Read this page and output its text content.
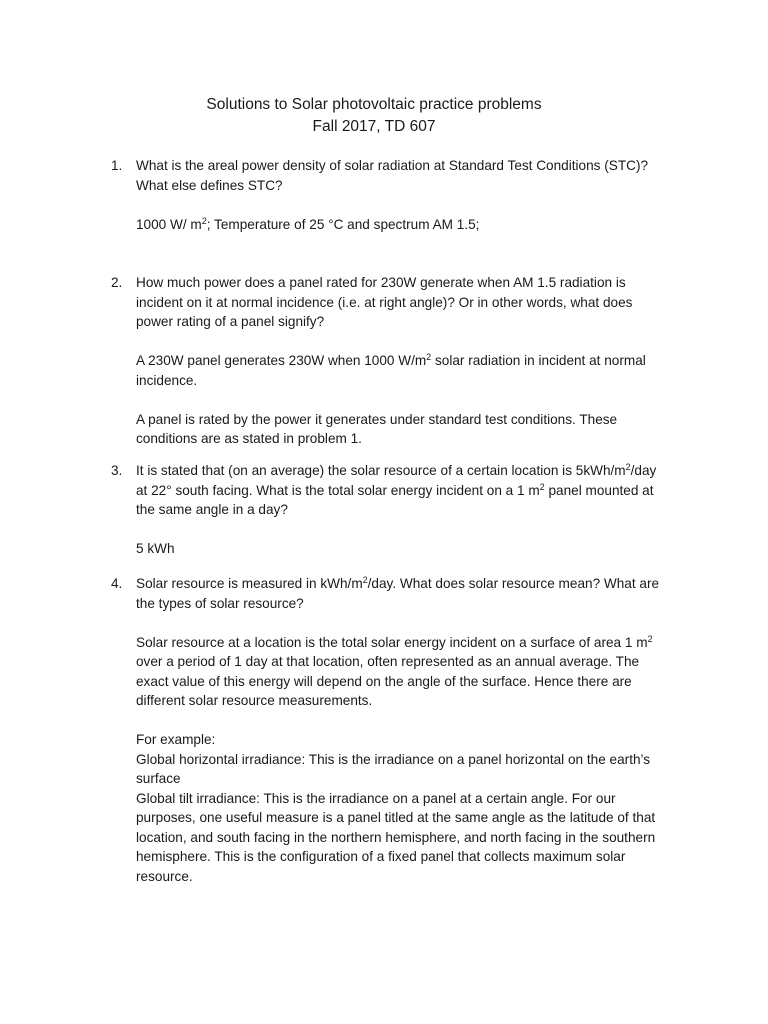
Solutions to Solar photovoltaic practice problems
Fall 2017, TD 607
1.	What is the areal power density of solar radiation at Standard Test Conditions (STC)? What else defines STC?

1000 W/ $m^2$; Temperature of 25 °C and spectrum AM 1.5;

2.	How much power does a panel rated for 230W generate when AM 1.5 radiation is incident on it at normal incidence (i.e. at right angle)? Or in other words, what does power rating of a panel signify?

A 230W panel generates 230W when 1000 $W/m^2$ solar radiation in incident at normal incidence.

A panel is rated by the power it generates under standard test conditions. These conditions are as stated in problem 1.

3.	It is stated that (on an average) the solar resource of a certain location is $5kWh/m^2$/day at 22° south facing. What is the total solar energy incident on a 1 $m^2$ panel mounted at the same angle in a day?

5 kWh

4.	Solar resource is measured in kWh/$m^2$/day. What does solar resource mean? What are the types of solar resource?

Solar resource at a location is the total solar energy incident on a surface of area 1 $m^2$ over a period of 1 day at that location, often represented as an annual average. The exact value of this energy will depend on the angle of the surface. Hence there are different solar resource measurements.

For example:

Global horizontal irradiance: This is the irradiance on a panel horizontal on the earth’s surface

Global tilt irradiance: This is the irradiance on a panel at a certain angle. For our purposes, one useful measure is a panel titled at the same angle as the latitude of that location, and south facing in the northern hemisphere, and north facing in the southern hemisphere. This is the configuration of a fixed panel that collects maximum solar resource.
